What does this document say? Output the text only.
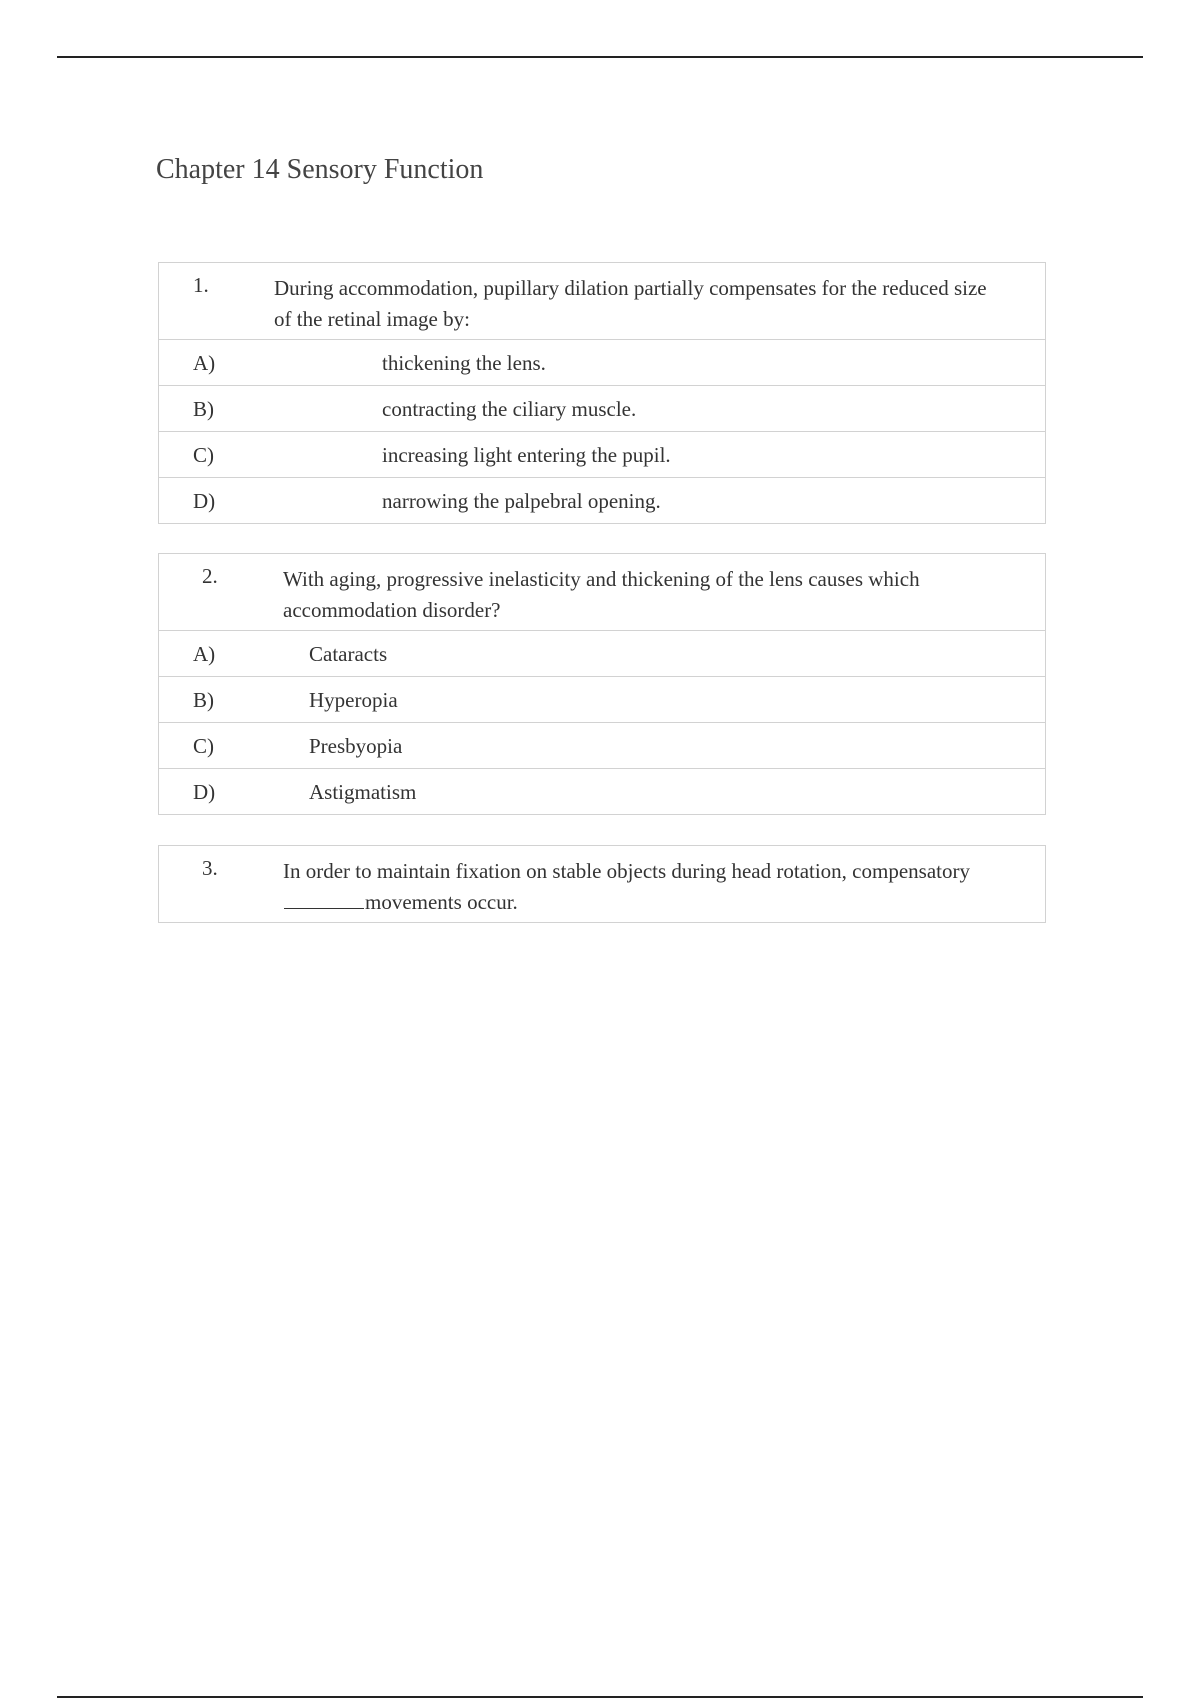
Chapter 14 Sensory Function
1.	During accommodation, pupillary dilation partially compensates for the reduced size of the retinal image by:
A)	thickening the lens.
B)	contracting the ciliary muscle.
C)	increasing light entering the pupil.
D)	narrowing the palpebral opening.
2.	With aging, progressive inelasticity and thickening of the lens causes which accommodation disorder?
A)	Cataracts
B)	Hyperopia
C)	Presbyopia
D)	Astigmatism
3.	In order to maintain fixation on stable objects during head rotation, compensatorymovements occur.
